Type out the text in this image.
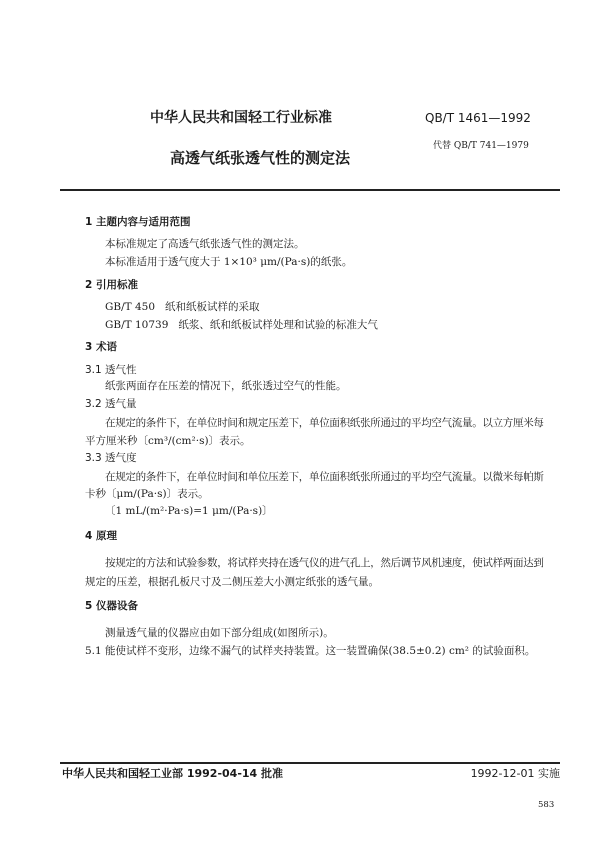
中华人民共和国轻工行业标准	QB/T 1461—1992
代替 QB/T 741—1979
高透气纸张透气性的测定法
1 主题内容与适用范围
本标准规定了高透气纸张透气性的测定法。
本标准适用于透气度大于 1×10³ μm/(Pa·s)的纸张。
2 引用标准
GB/T 450   纸和纸板试样的采取
GB/T 10739   纸浆、纸和纸板试样处理和试验的标准大气
3 术语
3.1 透气性
纸张两面存在压差的情况下，纸张透过空气的性能。
3.2 透气量
在规定的条件下，在单位时间和规定压差下，单位面积纸张所通过的平均空气流量。以立方厘米每
平方厘米秒〔cm³/(cm²·s)〕表示。
3.3 透气度
在规定的条件下，在单位时间和单位压差下，单位面积纸张所通过的平均空气流量。以微米每帕斯
卡秒〔μm/(Pa·s)〕表示。
〔1 mL/(m²·Pa·s)=1 μm/(Pa·s)〕
4 原理
按规定的方法和试验参数，将试样夹持在透气仪的进气孔上，然后调节风机速度，使试样两面达到
规定的压差，根据孔板尺寸及二侧压差大小测定纸张的透气量。
5 仪器设备
测量透气量的仪器应由如下部分组成(如图所示)。
5.1 能使试样不变形，边缘不漏气的试样夹持装置。这一装置确保(38.5±0.2) cm² 的试验面积。
中华人民共和国轻工业部 1992-04-14 批准	1992-12-01 实施
583
